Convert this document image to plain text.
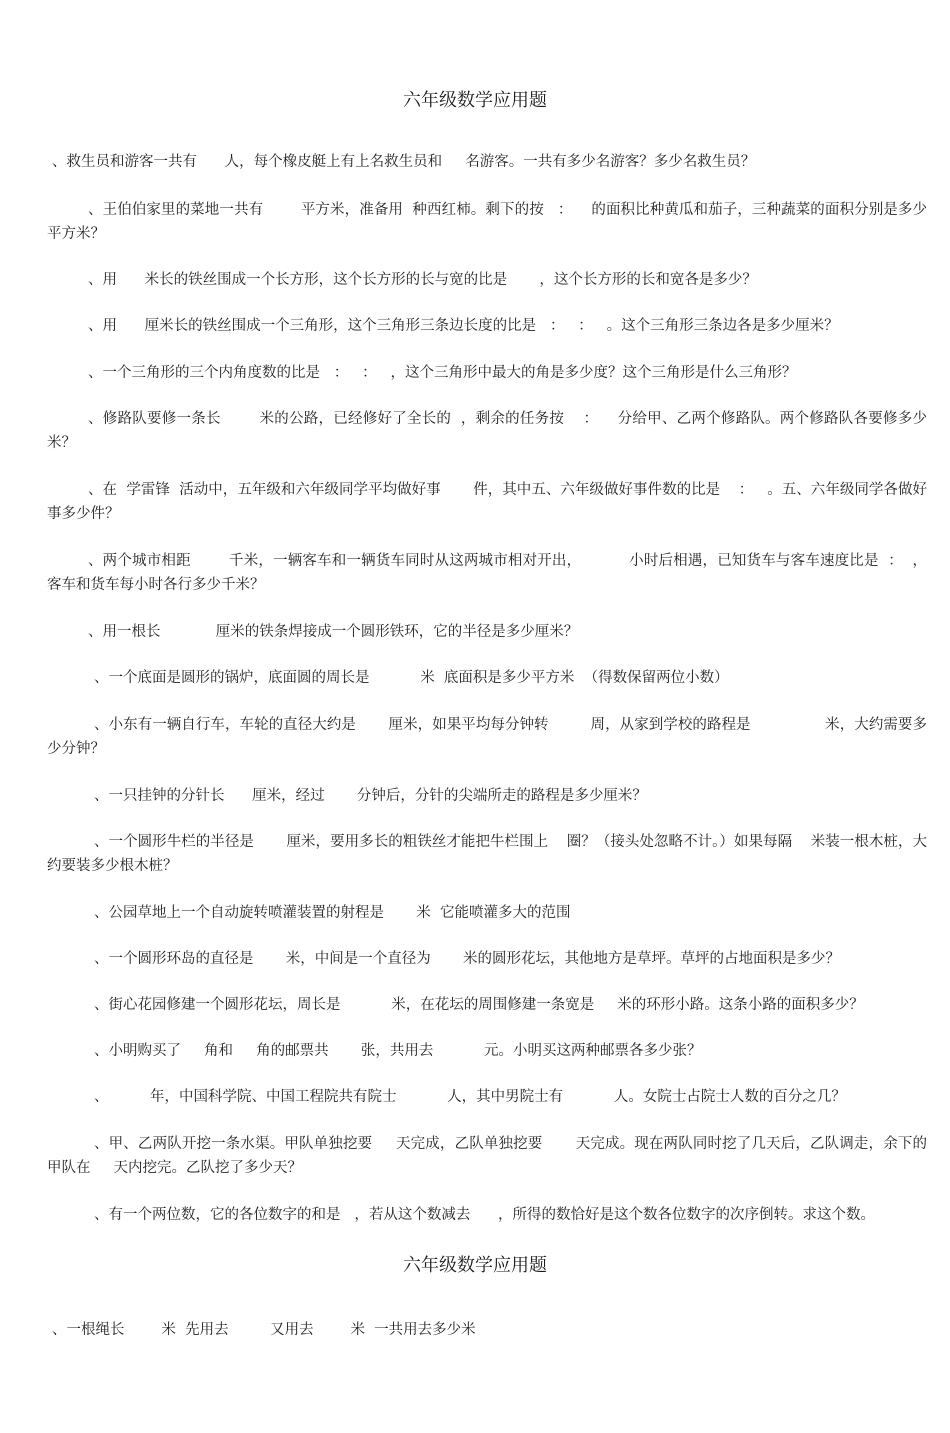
六年级数学应用题
、救生员和游客一共有      人，每个橡皮艇上有上名救生员和     名游客。一共有多少名游客？多少名救生员？
、王伯伯家里的菜地一共有        平方米，准备用  种西红柿。剩下的按   ：    的面积比种黄瓜和茄子，三种蔬菜的面积分别是多少平方米？
、用      米长的铁丝围成一个长方形，这个长方形的长与宽的比是       ，这个长方形的长和宽各是多少？
、用      厘米长的铁丝围成一个三角形，这个三角形三条边长度的比是   ：   ：   。这个三角形三条边各是多少厘米？
、一个三角形的三个内角度数的比是   ：   ：   ，这个三角形中最大的角是多少度？这个三角形是什么三角形？
、修路队要修一条长        米的公路，已经修好了全长的  ，剩余的任务按    ：    分给甲、乙两个修路队。两个修路队各要修多少米？
、在  学雷锋  活动中，五年级和六年级同学平均做好事       件，其中五、六年级做好事件数的比是    ：   。五、六年级同学各做好事多少件？
、两个城市相距        千米，一辆客车和一辆货车同时从这两城市相对开出，          小时后相遇，已知货车与客车速度比是  ：  ，客车和货车每小时各行多少千米？
、用一根长            厘米的铁条焊接成一个圆形铁环，它的半径是多少厘米？
、一个底面是圆形的锅炉，底面圆的周长是           米  底面积是多少平方米  （得数保留两位小数）
、小东有一辆自行车，车轮的直径大约是       厘米，如果平均每分钟转         周，从家到学校的路程是                米，大约需要多少分钟？
、一只挂钟的分针长      厘米，经过       分钟后，分针的尖端所走的路程是多少厘米？
、一个圆形牛栏的半径是       厘米，要用多长的粗铁丝才能把牛栏围上    圈？（接头处忽略不计。）如果每隔    米装一根木桩，大约要装多少根木桩？
、公园草地上一个自动旋转喷灌装置的射程是       米  它能喷灌多大的范围
、一个圆形环岛的直径是       米，中间是一个直径为       米的圆形花坛，其他地方是草坪。草坪的占地面积是多少？
、街心花园修建一个圆形花坛，周长是           米，在花坛的周围修建一条宽是     米的环形小路。这条小路的面积多少？
、小明购买了     角和     角的邮票共       张，共用去           元。小明买这两种邮票各多少张？
、         年，中国科学院、中国工程院共有院士           人，其中男院士有           人。女院士占院士人数的百分之几？
、甲、乙两队开挖一条水渠。甲队单独挖要     天完成，乙队单独挖要       天完成。现在两队同时挖了几天后，乙队调走，余下的甲队在     天内挖完。乙队挖了多少天？
、有一个两位数，它的各位数字的和是   ，若从这个数减去      ，所得的数恰好是这个数各位数字的次序倒转。求这个数。
六年级数学应用题
、一根绳长        米  先用去         又用去        米  一共用去多少米
